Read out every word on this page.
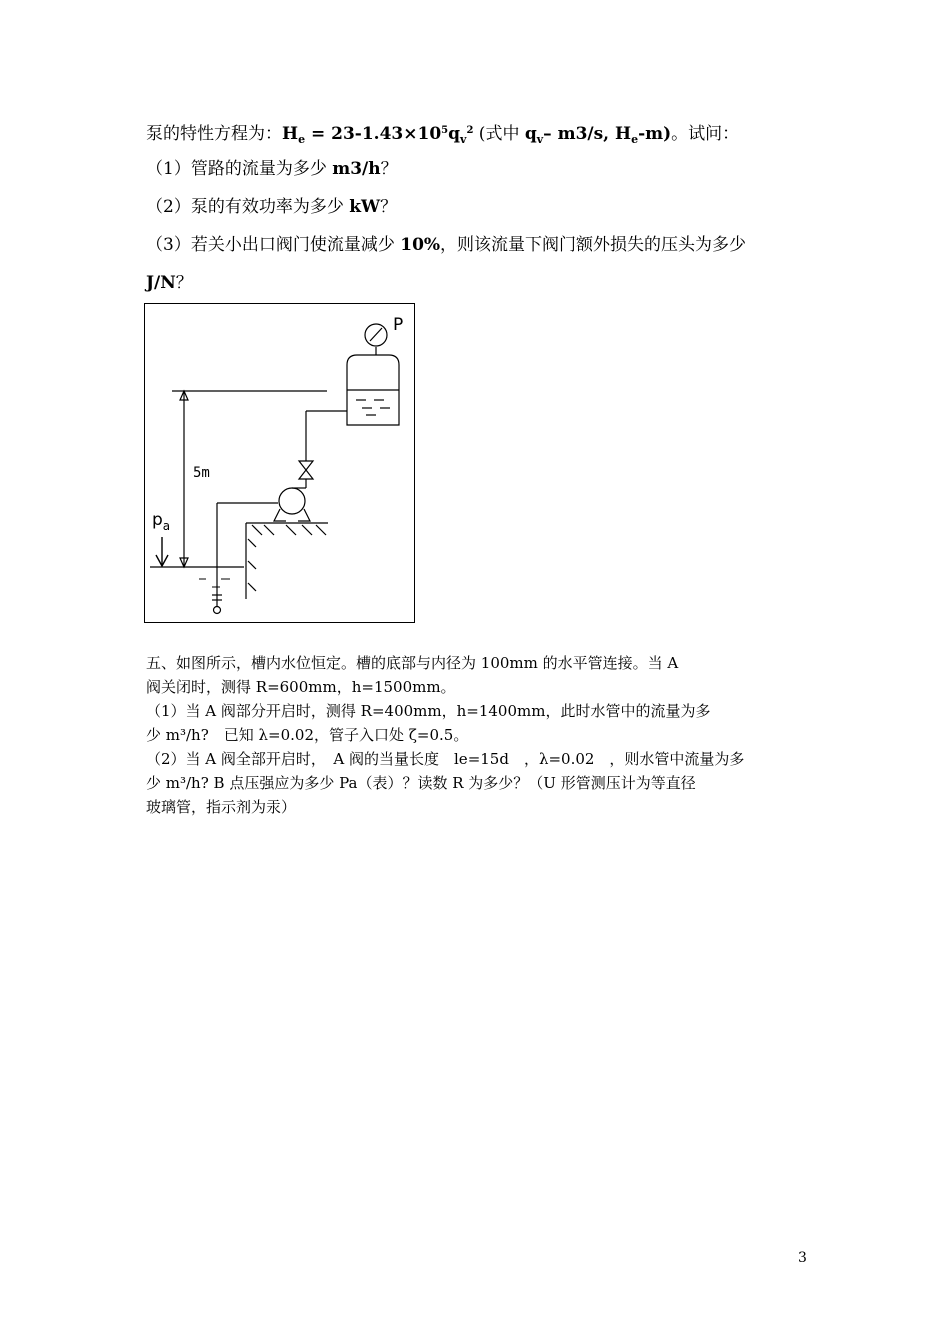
泵的特性方程为：$H_e = 23-1.43\times 10^5q_v^2$ (式中 $q_v-$ m3/s, $H_e-m$)。试问：
（1）管路的流量为多少 m3/h？
（2）泵的有效功率为多少 kW？
（3）若关小出口阀门使流量减少 10%，则该流量下阀门额外损失的压头为多少
J/N？
P
5m
$p_a$
五、如图所示，槽内水位恒定。槽的底部与内径为 100mm 的水平管连接。当 A
阀关闭时，测得 R=600mm，h=1500mm。
（1）当 A 阀部分开启时，测得 R=400mm，h=1400mm，此时水管中的流量为多
少 m³/h?　已知 λ=0.02，管子入口处 ζ=0.5。
（2）当 A 阀全部开启时，　A 阀的当量长度　le=15d　，λ=0.02　，则水管中流量为多
少 m³/h? B 点压强应为多少 Pa（表）？读数 R 为多少？（U 形管测压计为等直径
玻璃管，指示剂为汞）
3
